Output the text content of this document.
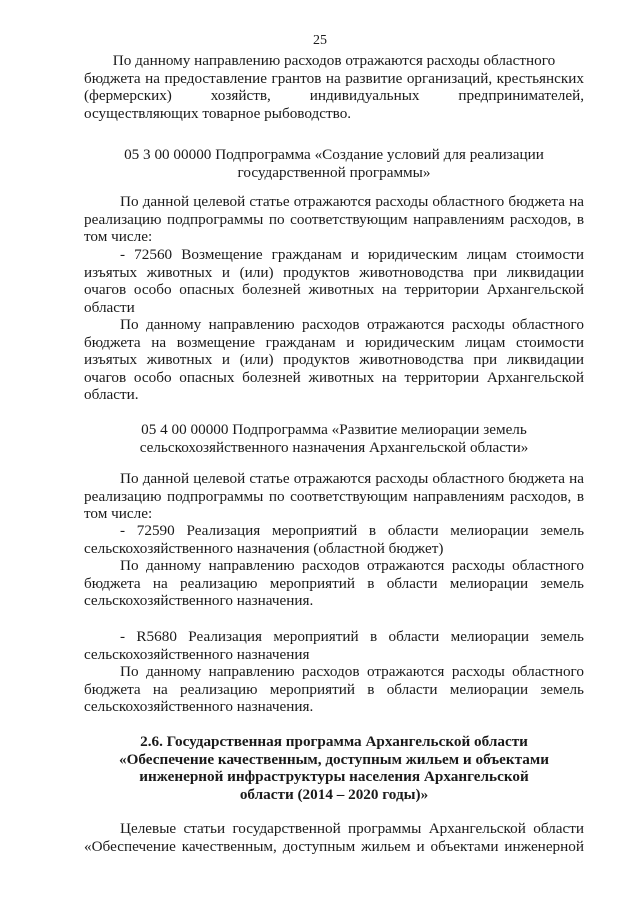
25

По данному направлению расходов отражаются расходы областного

бюджета на предоставление грантов на развитие организаций, крестьянских

(фермерских) хозяйств, индивидуальных предпринимателей,

осуществляющих товарное рыбоводство.

05 3 00 00000 Подпрограмма «Создание условий для реализации

государственной программы»

По данной целевой статье отражаются расходы областного бюджета на

реализацию подпрограммы по соответствующим направлениям расходов, в

том числе:

- 72560 Возмещение гражданам и юридическим лицам стоимости

изъятых животных и (или) продуктов животноводства при ликвидации

очагов особо опасных болезней животных на территории Архангельской

области

По данному направлению расходов отражаются расходы областного

бюджета на возмещение гражданам и юридическим лицам стоимости

изъятых животных и (или) продуктов животноводства при ликвидации

очагов особо опасных болезней животных на территории Архангельской

области.

05 4 00 00000 Подпрограмма «Развитие мелиорации земель

сельскохозяйственного назначения Архангельской области»

По данной целевой статье отражаются расходы областного бюджета на

реализацию подпрограммы по соответствующим направлениям расходов, в

том числе:

- 72590 Реализация мероприятий в области мелиорации земель

сельскохозяйственного назначения (областной бюджет)

По данному направлению расходов отражаются расходы областного

бюджета на реализацию мероприятий в области мелиорации земель

сельскохозяйственного назначения.

- R5680 Реализация мероприятий в области мелиорации земель

сельскохозяйственного назначения

По данному направлению расходов отражаются расходы областного

бюджета на реализацию мероприятий в области мелиорации земель

сельскохозяйственного назначения.

2.6. Государственная программа Архангельской области

«Обеспечение качественным, доступным жильем и объектами

инженерной инфраструктуры населения Архангельской

области (2014 – 2020 годы)»

Целевые статьи государственной программы Архангельской области

«Обеспечение качественным, доступным жильем и объектами инженерной
